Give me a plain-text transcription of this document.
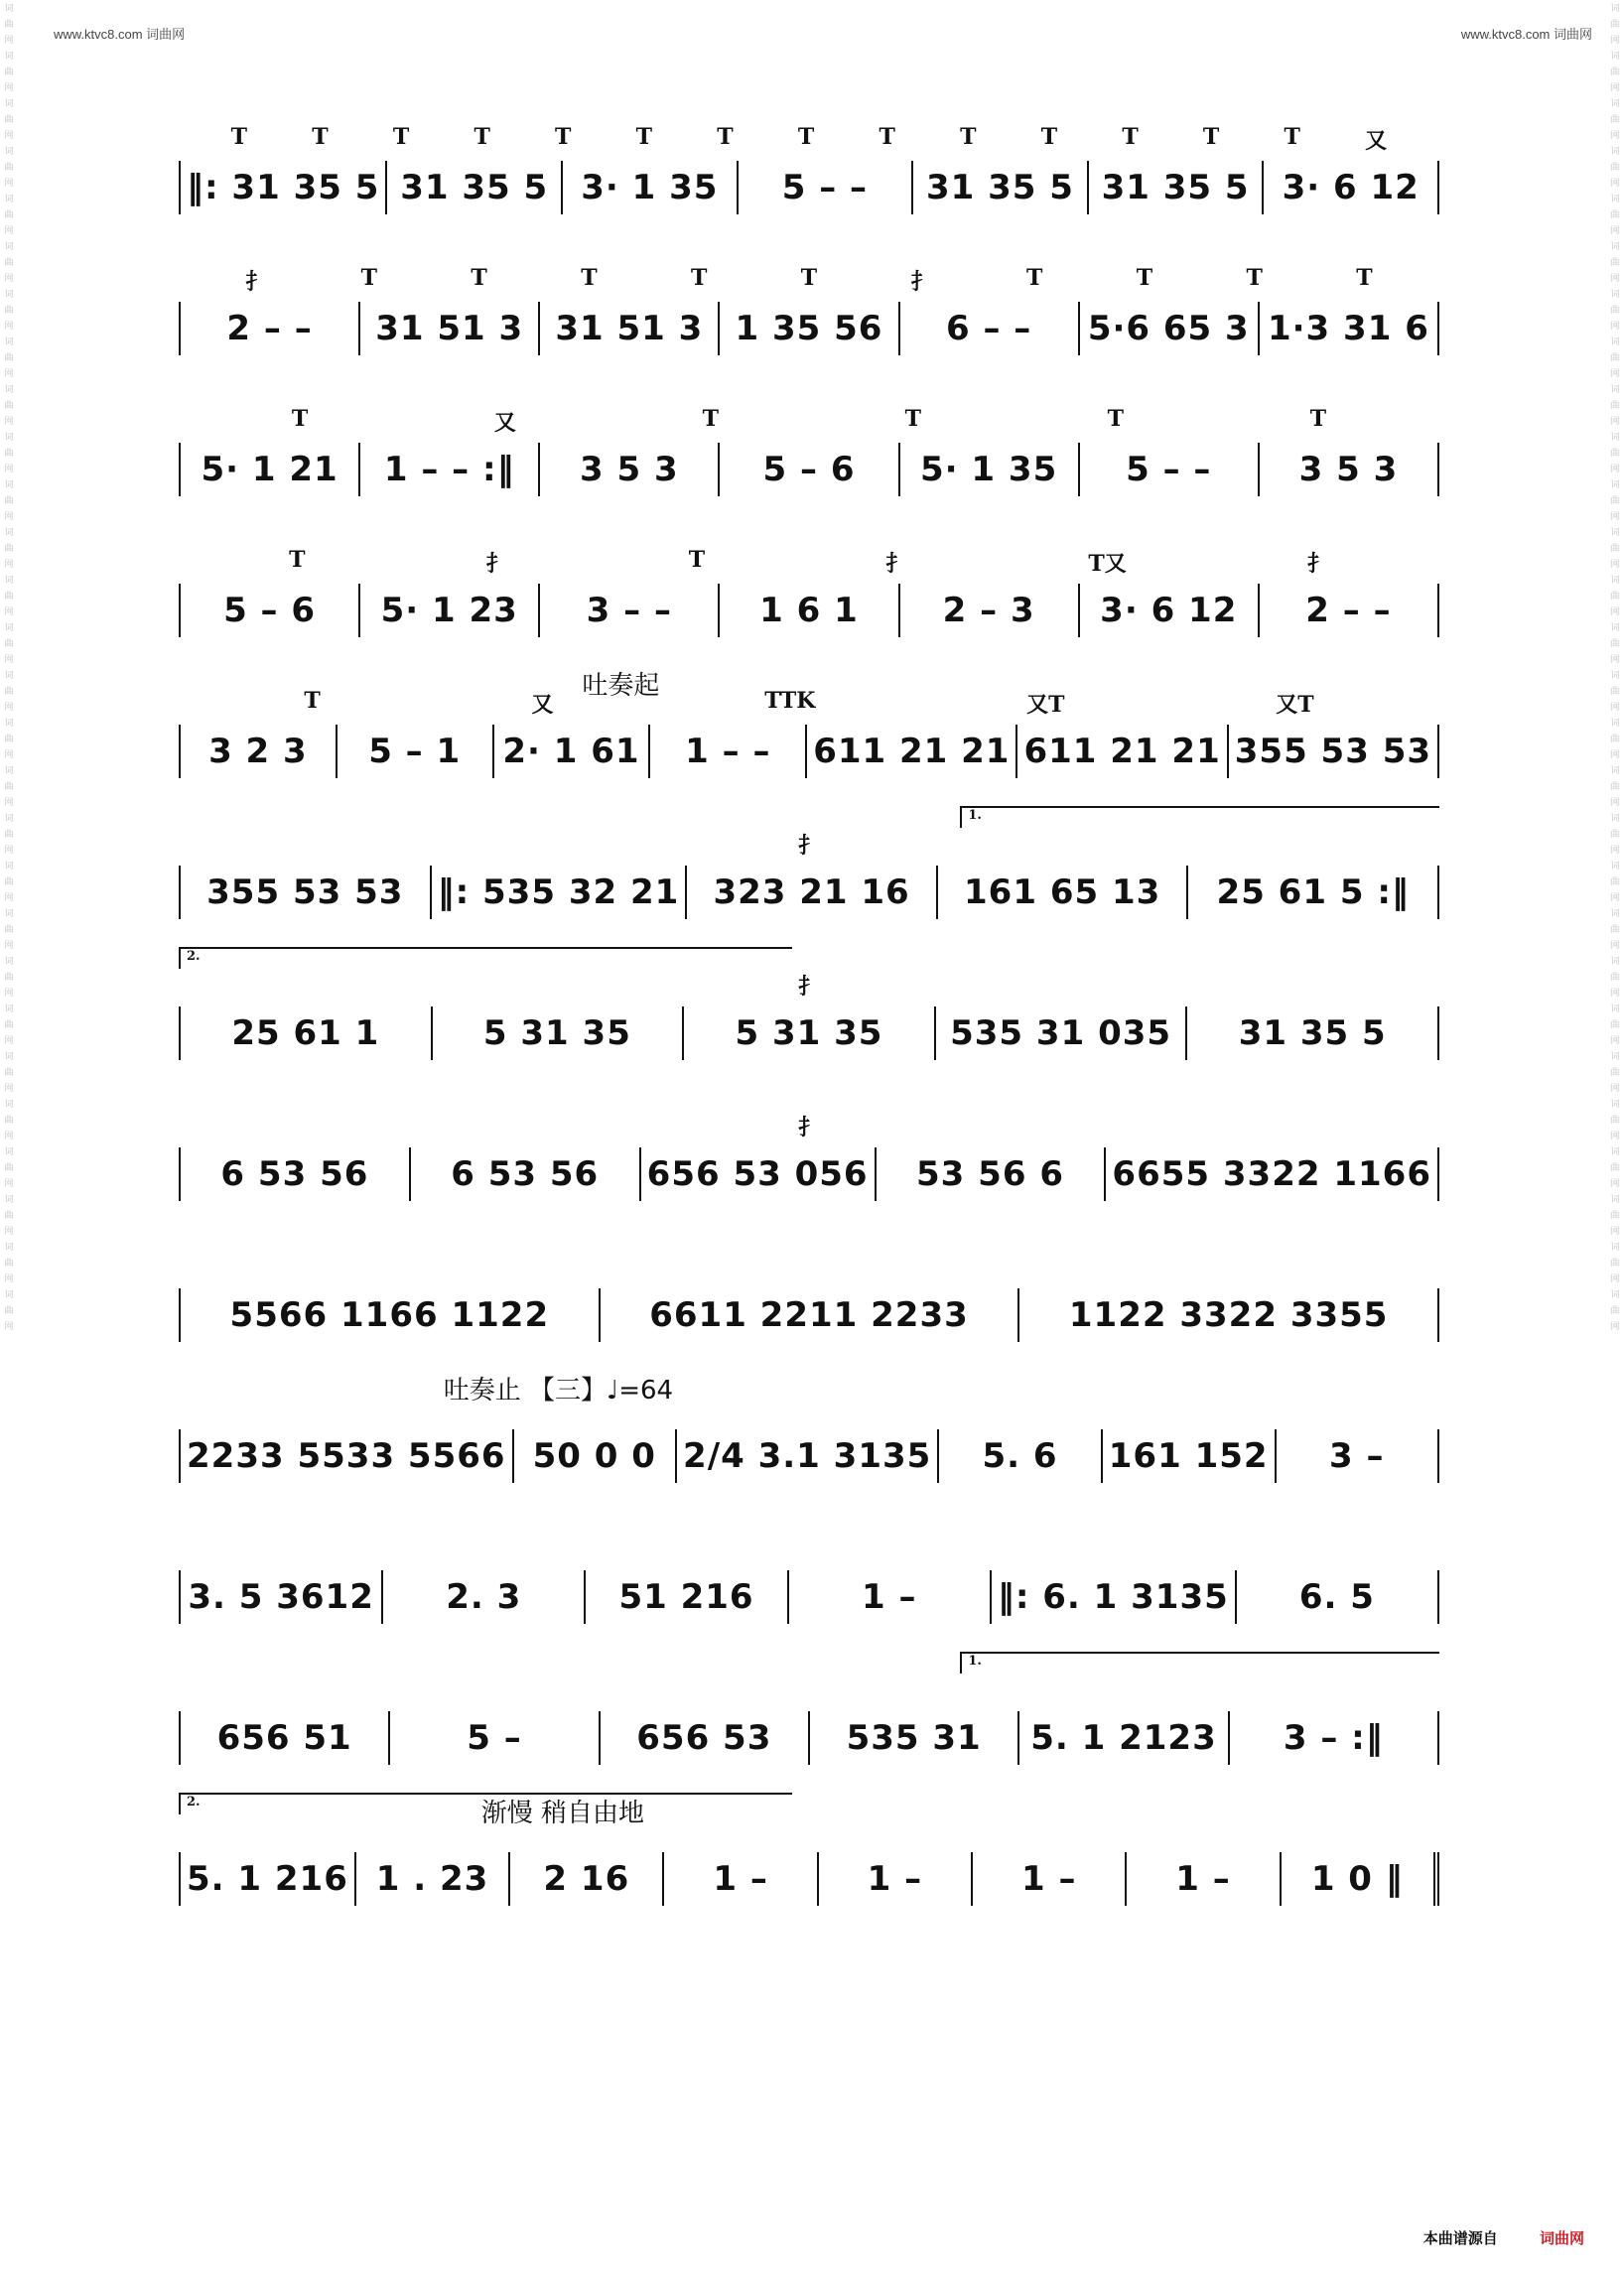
www.ktvc8.com 词曲网	www.ktvc8.com 词曲网
词曲网词曲网词曲网词曲网词曲网词曲网词曲网词曲网词曲网词曲网词曲网词曲网词曲网词曲网词曲网词曲网词曲网词曲网词曲网词曲网词曲网词曲网词曲网词曲网词曲网词曲网词曲网词曲网
词曲网词曲网词曲网词曲网词曲网词曲网词曲网词曲网词曲网词曲网词曲网词曲网词曲网词曲网词曲网词曲网词曲网词曲网词曲网词曲网词曲网词曲网词曲网词曲网词曲网词曲网词曲网词曲网
T	T	T	T	T	T	T	T	T	T	T	T	T	T	又
‖: 31 35 5 31 35 5 3· 1 35 5 – – 31 35 5 31 35 5 3· 6 12
扌	T	T	T	T	T	扌	T	T	T	T
2 – – 31 51 3 31 51 3 1 35 56 6 – – 5·6 65 3 1·3 31 6
T	又	T	T	T	T
5· 1 21 1 – – :‖ 3 5 3 5 – 6 5· 1 35 5 – –	3 5 3
T	扌	T	扌	T又	扌
5 – 6 5· 1 23 3 – –	1 6 1 2 – 3 3· 6 12 2 – –
吐奏起
T	又	TTK	又T	又T
3 2 3 5 – 1 2· 1 61 1 – – 611 21 21 611 21 21 355 53 53
1.
扌
355 53 53 ‖: 535 32 21 323 21 16 161 65 13 25 61 5 :‖
2.
扌
25 61 1	5 31 35	5 31 35 535 31 035 31 35 5
扌
6 53 56 6 53 56 656 53 056 53 56 6 6655 3322 1166
5566 1166 1122	6611 2211 2233	1122 3322 3355
吐奏止 【三】♩=64
2233 5533 5566 50 0 0 2/4 3.1 3135 5. 6 161 152 3 –
3. 5 3612 2. 3	51 216	1 – ‖: 6. 1 3135 6. 5
1.
656 51	5 –	656 53 535 31 5. 1 2123 3 – :‖
2.	渐慢 稍自由地
5. 1 216 1 . 23 2 16 1 –	1 –	1 –	1 – 1 0 ‖
本曲谱源自	词曲网
